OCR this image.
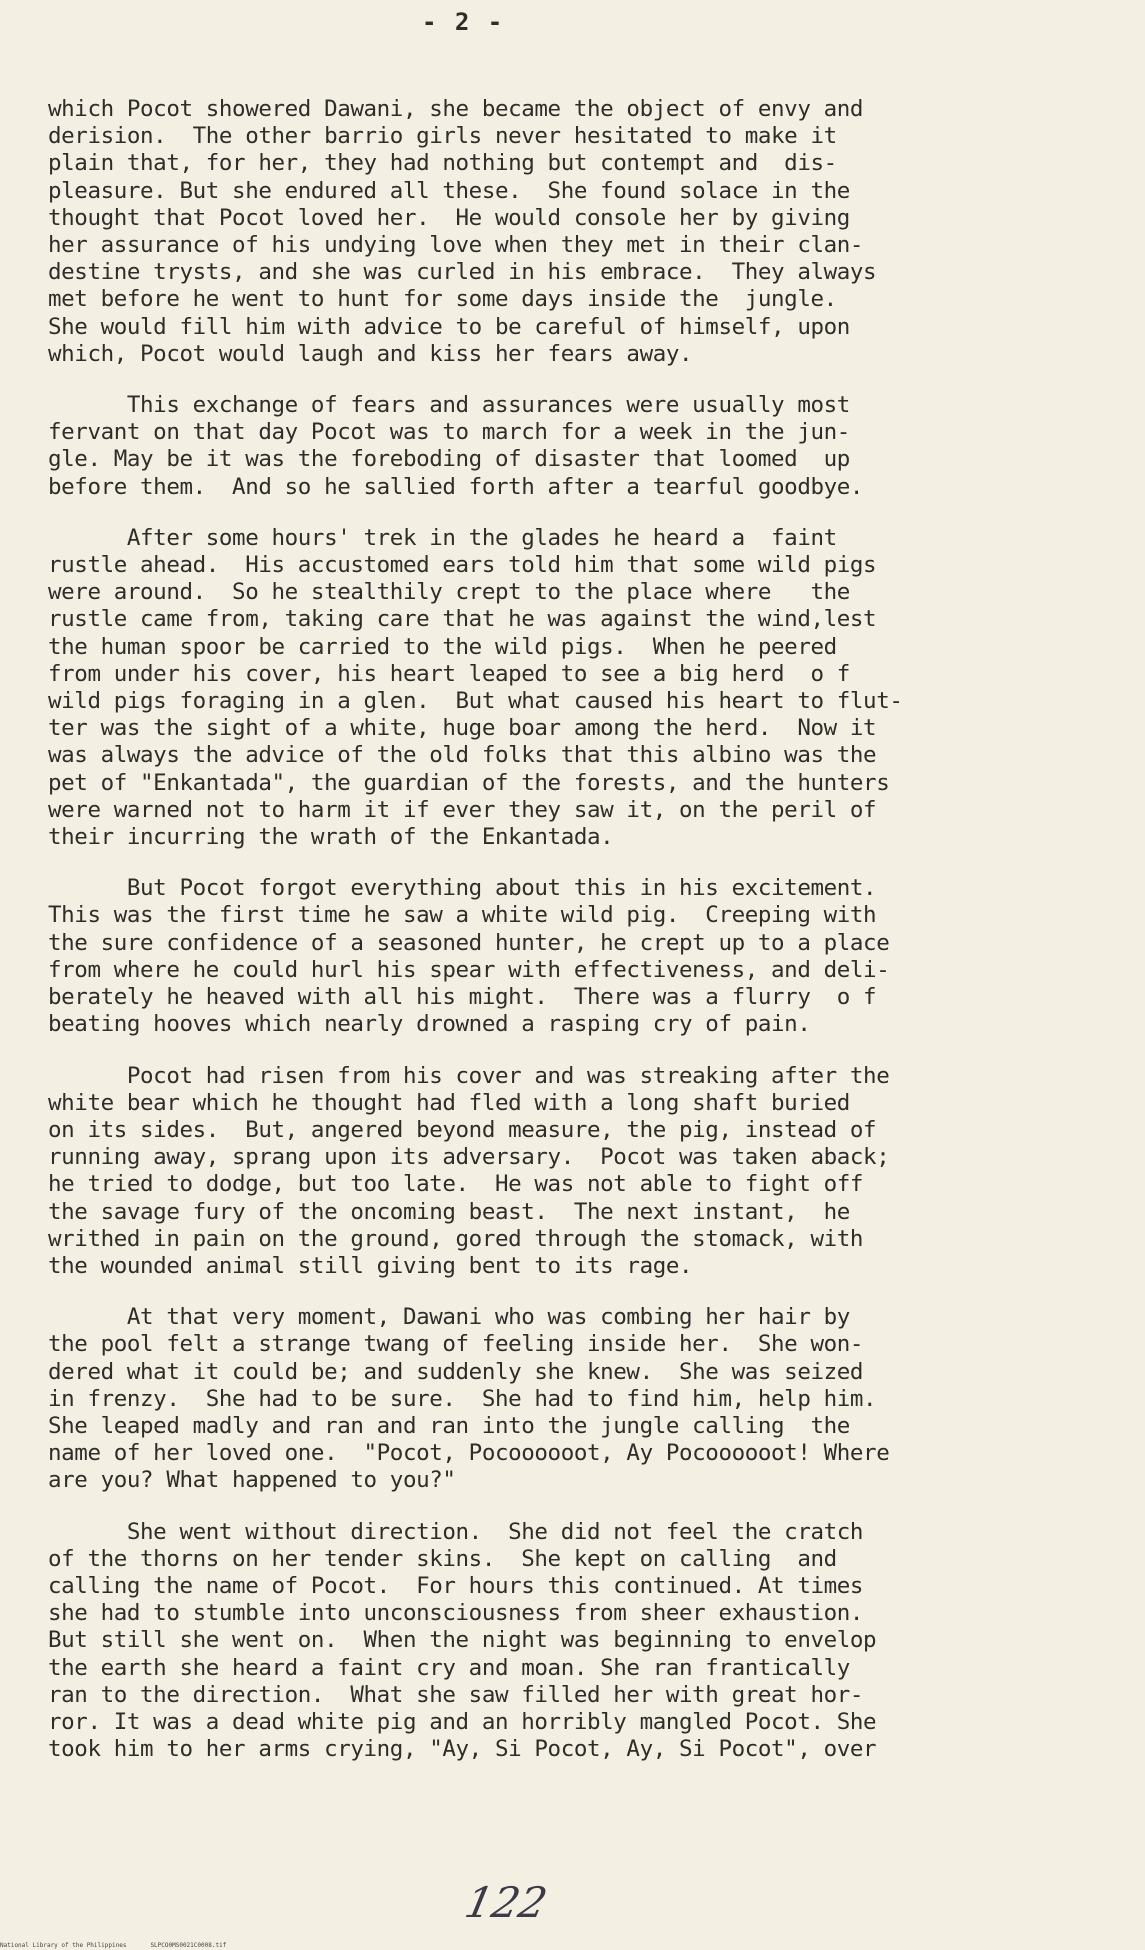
- 2 -

which Pocot showered Dawani, she became the object of envy and
derision.  The other barrio girls never hesitated to make it
plain that, for her, they had nothing but contempt and  dis-
pleasure. But she endured all these.  She found solace in the
thought that Pocot loved her.  He would console her by giving
her assurance of his undying love when they met in their clan-
destine trysts, and she was curled in his embrace.  They always
met before he went to hunt for some days inside the  jungle.
She would fill him with advice to be careful of himself, upon
which, Pocot would laugh and kiss her fears away.

This exchange of fears and assurances were usually most
fervant on that day Pocot was to march for a week in the jun-
gle. May be it was the foreboding of disaster that loomed  up
before them.  And so he sallied forth after a tearful goodbye.

After some hours' trek in the glades he heard a  faint
rustle ahead.  His accustomed ears told him that some wild pigs
were around.  So he stealthily crept to the place where   the
rustle came from, taking care that he was against the wind,lest
the human spoor be carried to the wild pigs.  When he peered
from under his cover, his heart leaped to see a big herd  o f
wild pigs foraging in a glen.  But what caused his heart to flut-
ter was the sight of a white, huge boar among the herd.  Now it
was always the advice of the old folks that this albino was the
pet of "Enkantada", the guardian of the forests, and the hunters
were warned not to harm it if ever they saw it, on the peril of
their incurring the wrath of the Enkantada.

But Pocot forgot everything about this in his excitement.
This was the first time he saw a white wild pig.  Creeping with
the sure confidence of a seasoned hunter, he crept up to a place
from where he could hurl his spear with effectiveness, and deli-
berately he heaved with all his might.  There was a flurry  o f
beating hooves which nearly drowned a rasping cry of pain.

Pocot had risen from his cover and was streaking after the
white bear which he thought had fled with a long shaft buried
on its sides.  But, angered beyond measure, the pig, instead of
running away, sprang upon its adversary.  Pocot was taken aback;
he tried to dodge, but too late.  He was not able to fight off
the savage fury of the oncoming beast.  The next instant,  he
writhed in pain on the ground, gored through the stomack, with
the wounded animal still giving bent to its rage.

At that very moment, Dawani who was combing her hair by
the pool felt a strange twang of feeling inside her.  She won-
dered what it could be; and suddenly she knew.  She was seized
in frenzy.  She had to be sure.  She had to find him, help him.
She leaped madly and ran and ran into the jungle calling  the
name of her loved one.  "Pocot, Pocoooooot, Ay Pocoooooot! Where
are you? What happened to you?"

She went without direction.  She did not feel the cratch
of the thorns on her tender skins.  She kept on calling  and
calling the name of Pocot.  For hours this continued. At times
she had to stumble into unconsciousness from sheer exhaustion.
But still she went on.  When the night was beginning to envelop
the earth she heard a faint cry and moan. She ran frantically
ran to the direction.  What she saw filled her with great hor-
ror. It was a dead white pig and an horribly mangled Pocot. She
took him to her arms crying, "Ay, Si Pocot, Ay, Si Pocot", over

122
National Library of the Philippines	SLPCO0MS0021C0008.tif
